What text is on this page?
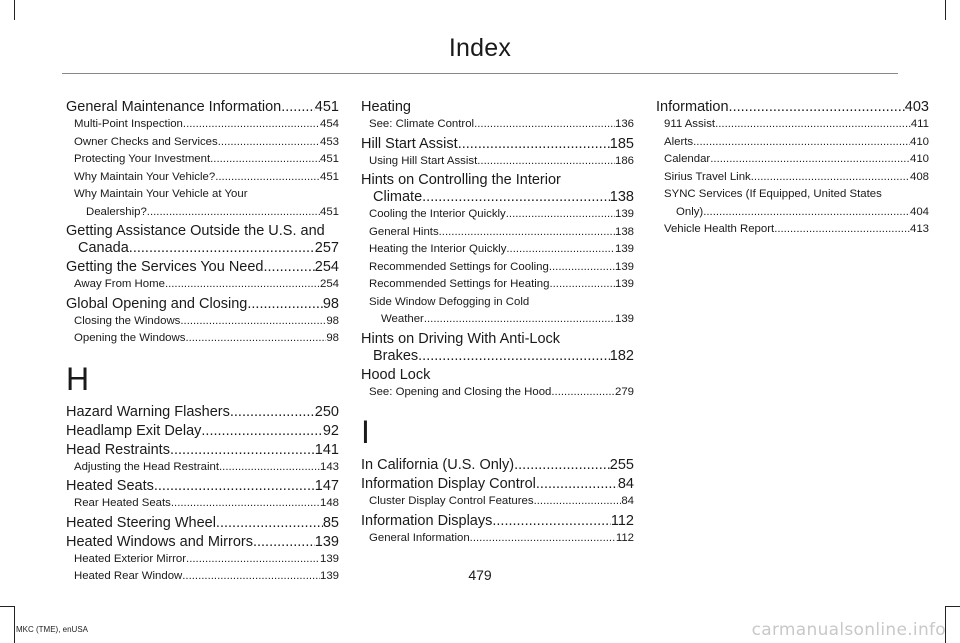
Index
General Maintenance Information ..... 451
Multi-Point Inspection .....	454
Owner Checks and Services .....	453
Protecting Your Investment .....	451
Why Maintain Your Vehicle? .....	451
Why Maintain Your Vehicle at Your
Dealership? .....	451
Getting Assistance Outside the U.S. and
Canada .....	257
Getting the Services You Need .....	254
Away From Home .....	254
Global Opening and Closing .....	98
Closing the Windows .....	98
Opening the Windows .....	98
H
Hazard Warning Flashers .....	250
Headlamp Exit Delay .....	92
Head Restraints .....	141
Adjusting the Head Restraint .....	143
Heated Seats .....	147
Rear Heated Seats .....	148
Heated Steering Wheel .....	85
Heated Windows and Mirrors .....	139
Heated Exterior Mirror .....	139
Heated Rear Window .....	139
Heating
See: Climate Control .....	136
Hill Start Assist .....	185
Using Hill Start Assist .....	186
Hints on Controlling the Interior
Climate .....	138
Cooling the Interior Quickly .....	139
General Hints .....	138
Heating the Interior Quickly .....	139
Recommended Settings for Cooling .....	139
Recommended Settings for Heating .....	139
Side Window Defogging in Cold
Weather .....	139
Hints on Driving With Anti-Lock
Brakes .....	182
Hood Lock
See: Opening and Closing the Hood .....	279
I
In California (U.S. Only) .....	255
Information Display Control .....	84
Cluster Display Control Features .....	84
Information Displays .....	112
General Information .....	112
Information .....	403
911 Assist .....	411
Alerts .....	410
Calendar .....	410
Sirius Travel Link .....	408
SYNC Services (If Equipped, United States
Only) .....	404
Vehicle Health Report .....	413
479
MKC (TME), enUSA	carmanualsonline.info
